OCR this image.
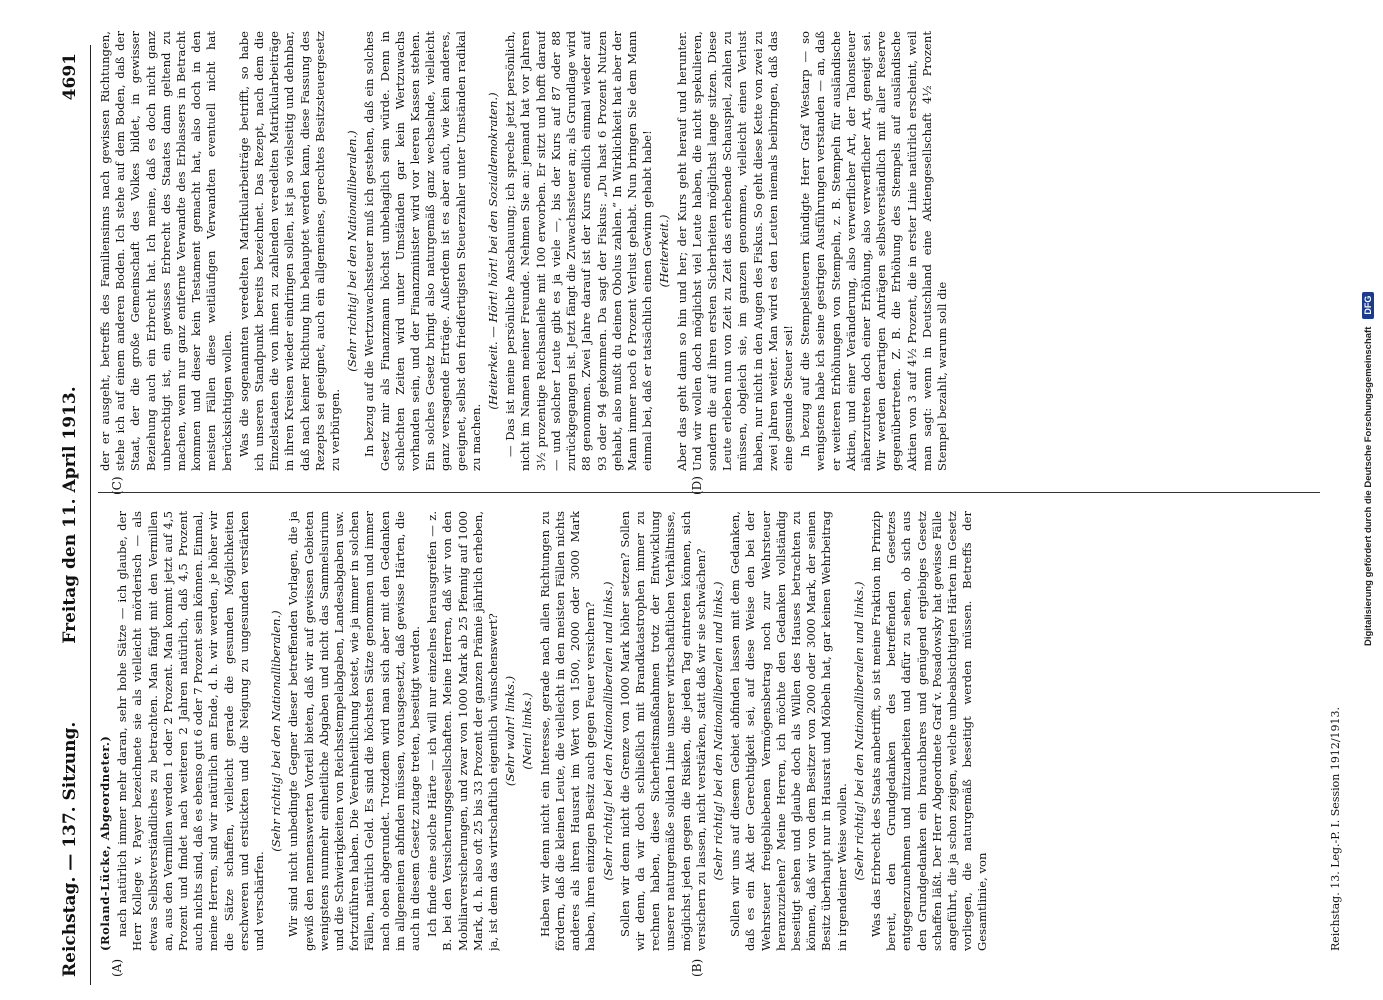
Reichstag. — 137. Sitzung.
Freitag den 11. April 1913.
4691
(A)	(B)
(C)	(D)

(Roland-Lücke, Abgeordneter.) nach natürlich immer mehr daran, sehr hohe Sätze — ich glaube, der Herr Kollege v. Payer bezeichnete sie als vielleicht mörderisch — als etwas Selbstverständliches zu betrachten. Man fängt mit den Vermillen an, aus den Vermillen werden 1 oder 2 Prozent. Man kommt jetzt auf 4,5 Prozent und findet nach weiteren 2 Jahren natürlich, daß 4,5 Prozent auch nichts sind, daß es ebenso gut 6 oder 7 Prozent sein können. Einmal, meine Herren, sind wir natürlich am Ende, d. h. wir werden, je höher wir die Sätze schaffen, vielleicht gerade die gesunden Möglichkeiten erschweren und erstickten und die Neigung zu ungesunden verstärken und verschärfen.

(Sehr richtig! bei den Nationalliberalen.) Wir sind nicht unbedingte Gegner dieser betreffenden Vorlagen, die ja gewiß den nennenswerten Vorteil bieten, daß wir auf gewissen Gebieten wenigstens nunmehr einheitliche Abgaben und nicht das Sammelsurium und die Schwierigkeiten von Reichsstempelabgaben, Landesabgaben usw. fortzuführen haben. Die Vereinheitlichung kostet, wie ja immer in solchen Fällen, natürlich Geld. Es sind die höchsten Sätze genommen und immer nach oben abgerundet. Trotzdem wird man sich aber mit den Gedanken im allgemeinen abfinden müssen, vorausgesetzt, daß gewisse Härten, die auch in diesem Gesetz zutage treten, beseitigt werden. Ich finde eine solche Härte — ich will nur einzelnes herausgreifen — z. B. bei den Versicherungsgesellschaften. Meine Herren, daß wir von den Mobiliarversicherungen, und zwar von 1000 Mark ab 25 Pfennig auf 1000 Mark, d. h. also oft 25 bis 33 Prozent der ganzen Prämie jährlich erheben, ja, ist denn das wirtschaftlich eigentlich wünschenswert? (Sehr wahr! links.) (Nein! links.) Haben wir denn nicht ein Interesse, gerade nach allen Richtungen zu fördern, daß die kleinen Leute, die vielleicht in den meisten Fällen nichts anderes als ihren Hausrat im Wert von 1500, 2000 oder 3000 Mark haben, ihren einzigen Besitz auch gegen Feuer versichern? (Sehr richtig! bei den Nationalliberalen und links.) Sollen wir denn nicht die Grenze von 1000 Mark höher setzen? Sollen wir denn, da wir doch schließlich mit Brandkatastrophen immer zu rechnen haben, diese Sicherheitsmaßnahmen trotz der Entwicklung unserer naturgemäße soliden Linie unserer wirtschaftlichen Verhältnisse, möglichst jeden gegen die Risiken, die jeden Tag eintreten können, sich versichern zu lassen, nicht verstärken, statt daß wir sie schwächen? (Sehr richtig! bei den Nationalliberalen und links.) Sollen wir uns auf diesem Gebiet abfinden lassen mit dem Gedanken, daß es ein Akt der Gerechtigkeit sei, auf diese Weise den bei der Wehrsteuer freigebliebenen Vermögensbetrag noch zur Wehrsteuer heranzuziehen? Meine Herren, ich möchte den Gedanken vollständig beseitigt sehen und glaube doch als Willen des Hauses betrachten zu können, daß wir von dem Besitzer von 2000 oder 3000 Mark, der seinen Besitz überhaupt nur in Hausrat und Möbeln hat, gar keinen Wehrbeitrag in irgendeiner Weise wollen. (Sehr richtig! bei den Nationalliberalen und links.) Was das Erbrecht des Staats anbetrifft, so ist meine Fraktion im Prinzip bereit, den Grundgedanken des betreffenden Gesetzes entgegenzunehmen und mitzuarbeiten und dafür zu sehen, ob sich aus den Grundgedanken ein brauchbares und genügend ergiebiges Gesetz schaffen läßt. Der Herr Abgeordnete Graf v. Posadowsky hat gewisse Fälle angeführt, die ja schon zeigen, welche unbeabsichtigten Härten im Gesetz vorliegen, die naturgemäß beseitigt werden müssen. Betreffs der Gesamtlinie, von

der er ausgeht, betreffs des Familiensinns nach gewissen Richtungen, stehe ich auf einem anderen Boden. Ich stehe auf dem Boden, daß der Staat, der die große Gemeinschaft des Volkes bildet, in gewisser Beziehung auch ein Erbrecht hat. Ich meine, daß es doch nicht ganz unberechtigt ist, ein gewisses Erbrecht des Staates dann geltend zu machen, wenn nur ganz entfernte Verwandte des Erblassers in Betracht kommen und dieser kein Testament gemacht hat, also doch in den meisten Fällen diese weitläufigen Verwandten eventuell nicht hat berücksichtigen wollen. Was die sogenannten veredelten Matrikularbeiträge betrifft, so habe ich unseren Standpunkt bereits bezeichnet. Das Rezept, nach dem die Einzelstaaten die von ihnen zu zahlenden veredelten Matrikularbeiträge in ihren Kreisen wieder eindringen sollen, ist ja so vielseitig und dehnbar, daß nach keiner Richtung hin behauptet werden kann, diese Fassung des Rezepts sei geeignet, auch ein allgemeines, gerechtes Besitzsteuergesetz zu verbürgen.

(Sehr richtig! bei den Nationalliberalen.) In bezug auf die Wertzuwachssteuer muß ich gestehen, daß ein solches Gesetz mir als Finanzmann höchst unbehaglich sein würde. Denn in schlechten Zeiten wird unter Umständen gar kein Wertzuwachs vorhanden sein, und der Finanzminister wird vor leeren Kassen stehen. Ein solches Gesetz bringt also naturgemäß ganz wechselnde, vielleicht ganz versagende Erträge. Außerdem ist es aber auch, wie kein anderes, geeignet, selbst den friedfertigsten Steuerzahler unter Umständen radikal zu machen.

(Heiterkeit. — Hört! hört! bei den Sozialdemokraten.) — Das ist meine persönliche Anschauung; ich spreche jetzt persönlich, nicht im Namen meiner Freunde. Nehmen Sie an: jemand hat vor Jahren 3½ prozentige Reichsanleihe mit 100 erworben. Er sitzt und hofft darauf — und solcher Leute gibt es ja viele —, bis der Kurs auf 87 oder 88 zurückgegangen ist. Jetzt fängt die Zuwachssteuer an; als Grundlage wird 88 genommen. Zwei Jahre darauf ist der Kurs endlich einmal wieder auf 93 oder 94 gekommen. Da sagt der Fiskus: „Du hast 6 Prozent Nutzen gehabt, also mußt du deinen Obolus zahlen.“ In Wirklichkeit hat aber der Mann immer noch 6 Prozent Verlust gehabt. Nun bringen Sie dem Mann einmal bei, daß er tatsächlich einen Gewinn gehabt habe! (Heiterkeit.) Aber das geht dann so hin und her; der Kurs geht herauf und herunter. Und wir wollen doch möglichst viel Leute haben, die nicht spekulieren, sondern die auf ihren ersten Sicherheiten möglichst lange sitzen. Diese Leute erleben nun von Zeit zu Zeit das erhebende Schauspiel, zahlen zu müssen, obgleich sie, im ganzen genommen, vielleicht einen Verlust haben, nur nicht in den Augen des Fiskus. So geht diese Kette von zwei zu zwei Jahren weiter. Man wird es den Leuten niemals beibringen, daß das eine gesunde Steuer sei! In bezug auf die Stempelsteuern kündigte Herr Graf Westarp — so wenigstens habe ich seine gestrigen Ausführungen verstanden — an, daß er weiteren Erhöhungen von Stempeln, z. B. Stempeln für ausländische Aktien, und einer Veränderung, also verwerflicher Art, der Talonsteuer näherzutreten doch einer Erhöhung, also verwerflicher Art, geneigt sei. Wir werden derartigen Anträgen selbstverständlich mit aller Reserve gegenübertreten. Z. B. die Erhöhung des Stempels auf ausländische Aktien von 3 auf 4½ Prozent, die in erster Linie natürlich erscheint, weil man sagt: wenn in Deutschland eine Aktiengesellschaft 4½ Prozent Stempel bezahlt, warum soll die

Reichstag. 13. Leg.-P. I. Session 1912/1913.
Digitalisierung gefördert durch die Deutsche Forschungsgemeinschaft
DFG
